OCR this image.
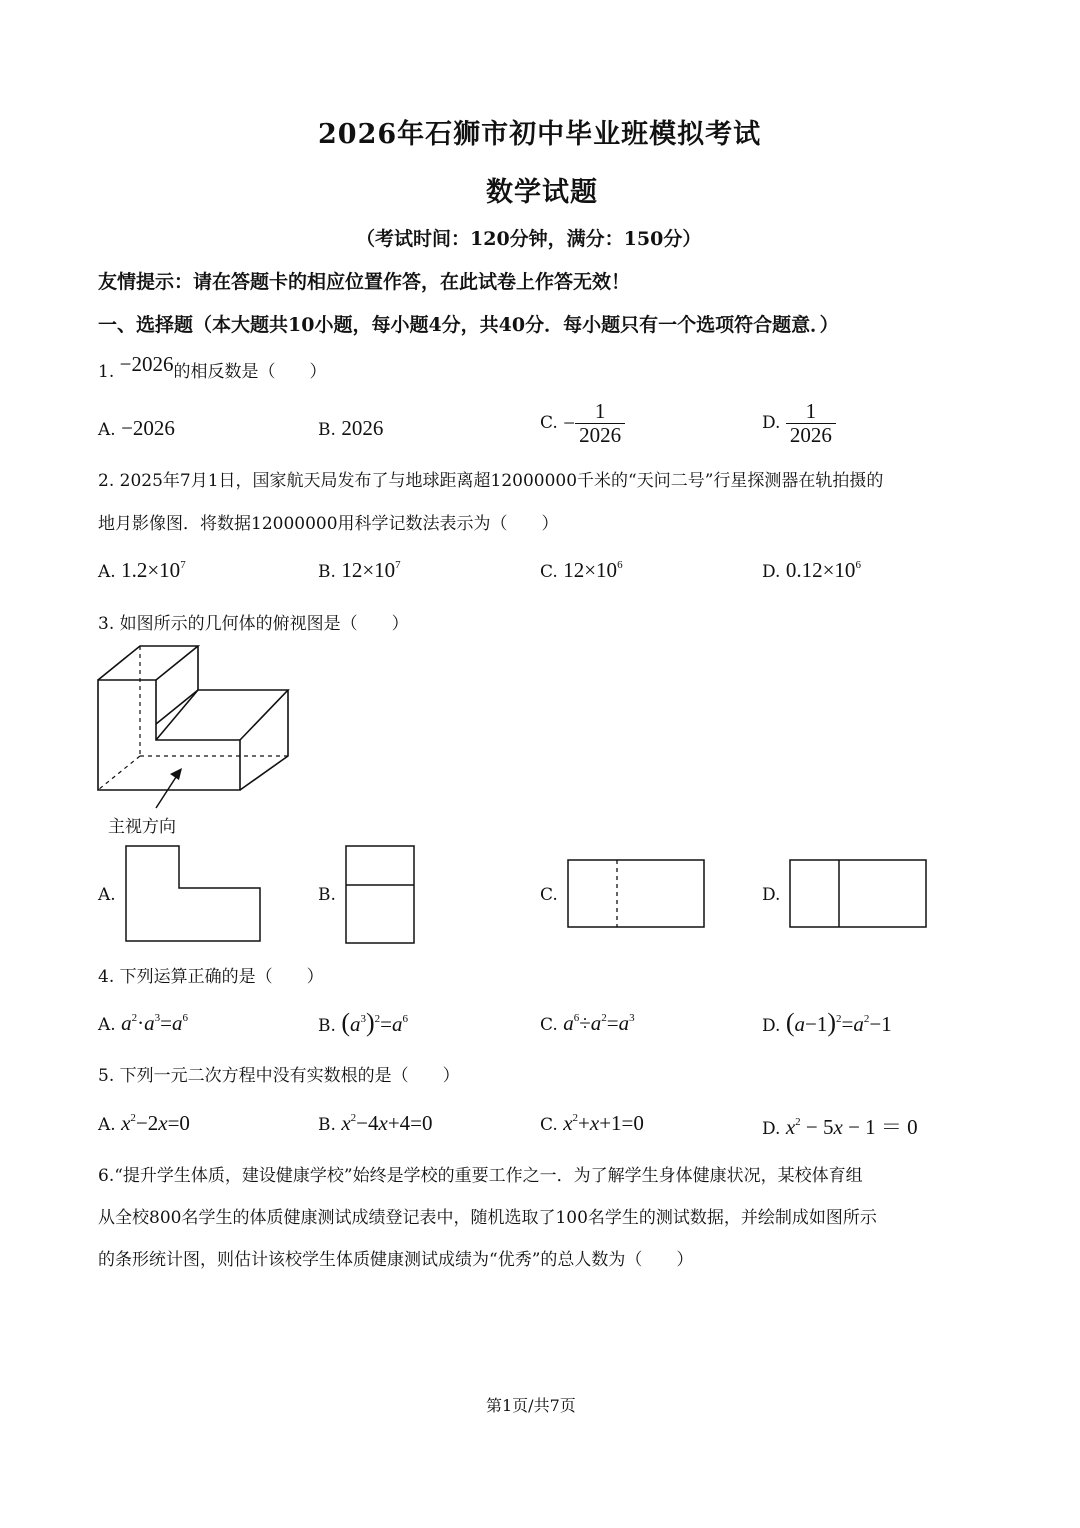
2026年石狮市初中毕业班模拟考试
数学试题
（考试时间：120分钟，满分：150分）
友情提示：请在答题卡的相应位置作答，在此试卷上作答无效！
一、选择题（本大题共10小题，每小题4分，共40分．每小题只有一个选项符合题意．）
1. −2026的相反数是（　　）
A. −2026	B. 2026	C. − $\frac{1}{2026}$	D. $\frac{1}{2026}$
2. 2025年7月1日，国家航天局发布了与地球距离超12000000千米的“天问二号”行星探测器在轨拍摄的
地月影像图．将数据12000000用科学记数法表示为（　　）
A. $1.2\times 10^7$	B. $12\times 10^7$	C. $12\times 10^6$	D. $0.12\times 10^6$
3. 如图所示的几何体的俯视图是（　　）
主视方向
A.	B.	C.	D.
4. 下列运算正确的是（　　）
A. $a^2\cdot a^3=a^6$	B. $(a^3)^2=a^6$	C. $a^6\div a^2=a^3$	D. $(a-1)^2=a^2-1$
5. 下列一元二次方程中没有实数根的是（　　）
A. $x^2-2x=0$	B. $x^2-4x+4=0$	C. $x^2+x+1=0$	D. $x^2 - 5x - 1 = 0$
6.“提升学生体质，建设健康学校”始终是学校的重要工作之一．为了解学生身体健康状况，某校体育组
从全校800名学生的体质健康测试成绩登记表中，随机选取了100名学生的测试数据，并绘制成如图所示
的条形统计图，则估计该校学生体质健康测试成绩为“优秀”的总人数为（　　）
第1页/共7页
